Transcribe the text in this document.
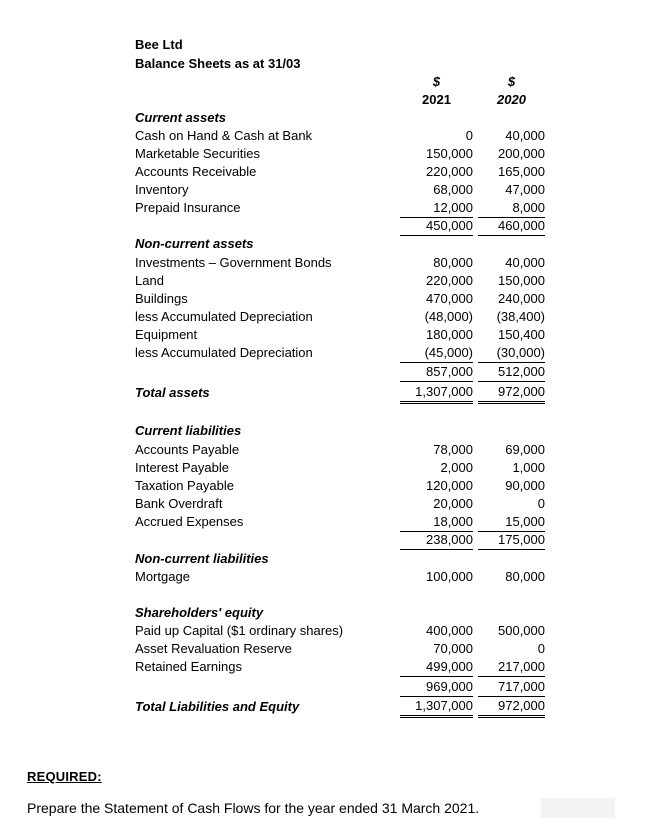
Bee Ltd
Balance Sheets as at 31/03
$	$
2021	2020
Current assets
Cash on Hand & Cash at Bank	0	40,000
Marketable Securities	150,000	200,000
Accounts Receivable	220,000	165,000
Inventory	68,000	47,000
Prepaid Insurance	12,000	8,000
450,000	460,000
Non-current assets
Investments – Government Bonds	80,000	40,000
Land	220,000	150,000
Buildings	470,000	240,000
less Accumulated Depreciation	(48,000)	(38,400)
Equipment	180,000	150,400
less Accumulated Depreciation	(45,000)	(30,000)
857,000	512,000
Total assets	1,307,000	972,000
Current liabilities
Accounts Payable	78,000	69,000
Interest Payable	2,000	1,000
Taxation Payable	120,000	90,000
Bank Overdraft	20,000	0
Accrued Expenses	18,000	15,000
238,000	175,000
Non-current liabilities
Mortgage	100,000	80,000
Shareholders' equity
Paid up Capital ($1 ordinary shares)	400,000	500,000
Asset Revaluation Reserve	70,000	0
Retained Earnings	499,000	217,000
969,000	717,000
Total Liabilities and Equity	1,307,000	972,000
REQUIRED:
Prepare the Statement of Cash Flows for the year ended 31 March 2021.
